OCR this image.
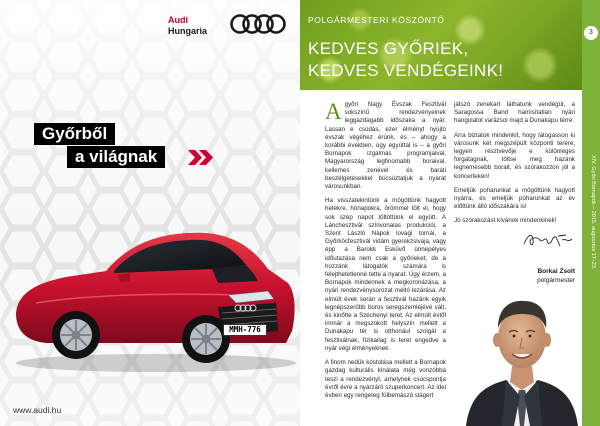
Audi
Hungaria
Győrből
a világnak
MMH-776
www.audi.hu
POLGÁRMESTERI KÖSZÖNTŐ
KEDVES GYŐRIEK,
KEDVES VENDÉGEINK!
3
XIV. Győri Bornapok – 2015. augusztus 17–23.

Agyőri Nagy Évszak Fesztivál sokszínű rendezvényeinek leggazdagabb időszaka a nyár. Lassan e csodás, ezer élményt nyújtó évszak végéhez érünk, és – ahogy a korábbi években, úgy egyúttal is – a győri Bornapok izgalmas programjaival, Magyarország legfinomabb boraival, kellemes zenével és baráti beszélgetésekkel búcsúztatjuk a nyarat városunkban.

Ha visszatekintünk a mögöttünk hagyott hetekre, hónapokra, örömmel tölt el, hogy sok szép napot töltöttünk el együtt. A Lánchesztivál színvonalas produkciói, a Szent László Napok lovagi tornái, a Győrköcfesztivál vidám gyerekzsivaja, vagy épp a Barokk Esküvő ünnepélyes időutazása nem csak a győrieket, de a hozzánk látogatók számára is felejthetetlenné tette a nyarat. Úgy érzem, a Bornapok mindennek a megkoronázása, a nyári rendezvénysorozat méltó lezárása. Az elmúlt évek során a fesztivál hazánk egyik legnépszerűbb boros seregszemléjévé vált, és kinőtte a Széchenyi teret. Az elmúlt évtől immár a megszokott helyszín mellett a Dunakapu tér is otthonául szolgál a fesztiválnak, fizikailag is teret engedve a nyár végi élményeknek.

A finom nedük kóstolása mellett a Bornapok gazdag kulturális kínálata még vonzóbbá teszi a rendezvényt, amelynek csúcspontja évről évre a nyárzáró szuperkoncert. Az idei évben egy rengeteg fülbemászó slágert

játszó zenekart láthatunk vendégül, a Saragossa Band hamisítatlan nyári hangulatot varázsol majd a Dunakapu térre.

Arra biztatok mindenkit, hogy látogasson ki városunk két megszépült központi terére, legyen résztvevője e különleges forgatagnak, töltse meg hazánk legnemesebb borait, és szórakozzon jól a koncerteken!

Emeljük poharunkat a mögöttünk hagyott nyárra, és emeljük poharunkat az év előttünk álló időszakára is!

Jó szórakozást kívánok mindenkinek!

Borkai Zsolt
polgármester
